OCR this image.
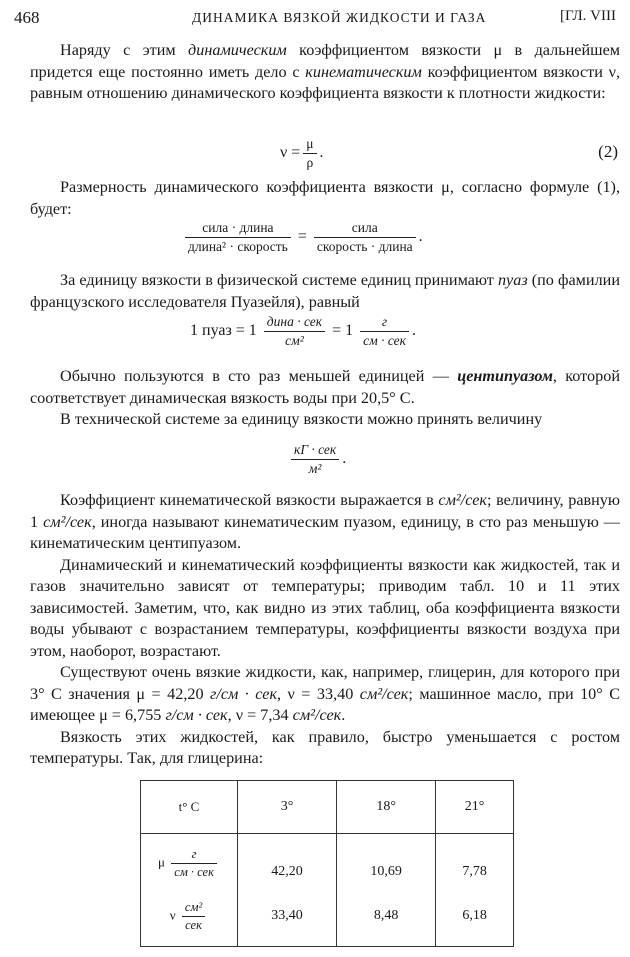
468	ДИНАМИКА ВЯЗКОЙ ЖИДКОСТИ И ГАЗА	[ГЛ. VIII

Наряду с этим динамическим коэффициентом вязкости μ в дальнейшем придется еще постоянно иметь дело с кинематическим коэффициентом вязкости ν, равным отношению динамического коэффициента вязкости к плотности жидкости:

$\nu = \frac{\mu}{\rho}$ .	(2)

Размерность динамического коэффициента вязкости μ, согласно формуле (1), будет:

$\frac{\text{сила · длина}}{\text{длина² · скорость}} = \frac{\text{сила}}{\text{скорость · длина}}$ .

За единицу вязкости в физической системе единиц принимают пуаз (по фамилии французского исследователя Пуазейля), равный

1 пуаз = $1 \frac{\text{дина · сек}}{\text{см²}} = 1 \frac{г}{\text{см · сек}}$ .

Обычно пользуются в сто раз меньшей единицей — центипуазом, которой соответствует динамическая вязкость воды при 20,5° С.

В технической системе за единицу вязкости можно принять величину

$\frac{\text{кГ · сек}}{\text{м²}}$ .

Коэффициент кинематической вязкости выражается в см²/сек; величину, равную 1 см²/сек, иногда называют кинематическим пуазом, единицу, в сто раз меньшую — кинематическим центипуазом.

Динамический и кинематический коэффициенты вязкости как жидкостей, так и газов значительно зависят от температуры; приводим табл. 10 и 11 этих зависимостей. Заметим, что, как видно из этих таблиц, оба коэффициента вязкости воды убывают с возрастанием температуры, коэффициенты вязкости воздуха при этом, наоборот, возрастают.

Существуют очень вязкие жидкости, как, например, глицерин, для которого при 3° С значения μ = 42,20 г/см · сек, ν = 33,40 см²/сек; машинное масло, при 10° С имеющее μ = 6,755 г/см · сек, ν = 7,34 см²/сек.

Вязкость этих жидкостей, как правило, быстро уменьшается с ростом температуры. Так, для глицерина:

t° C	3°	18°	21°
μ $\frac{г}{\text{см · сек}}$	42,20	10,69	7,78
ν $\frac{\text{см²}}{\text{сек}}$	33,40	8,48	6,18
